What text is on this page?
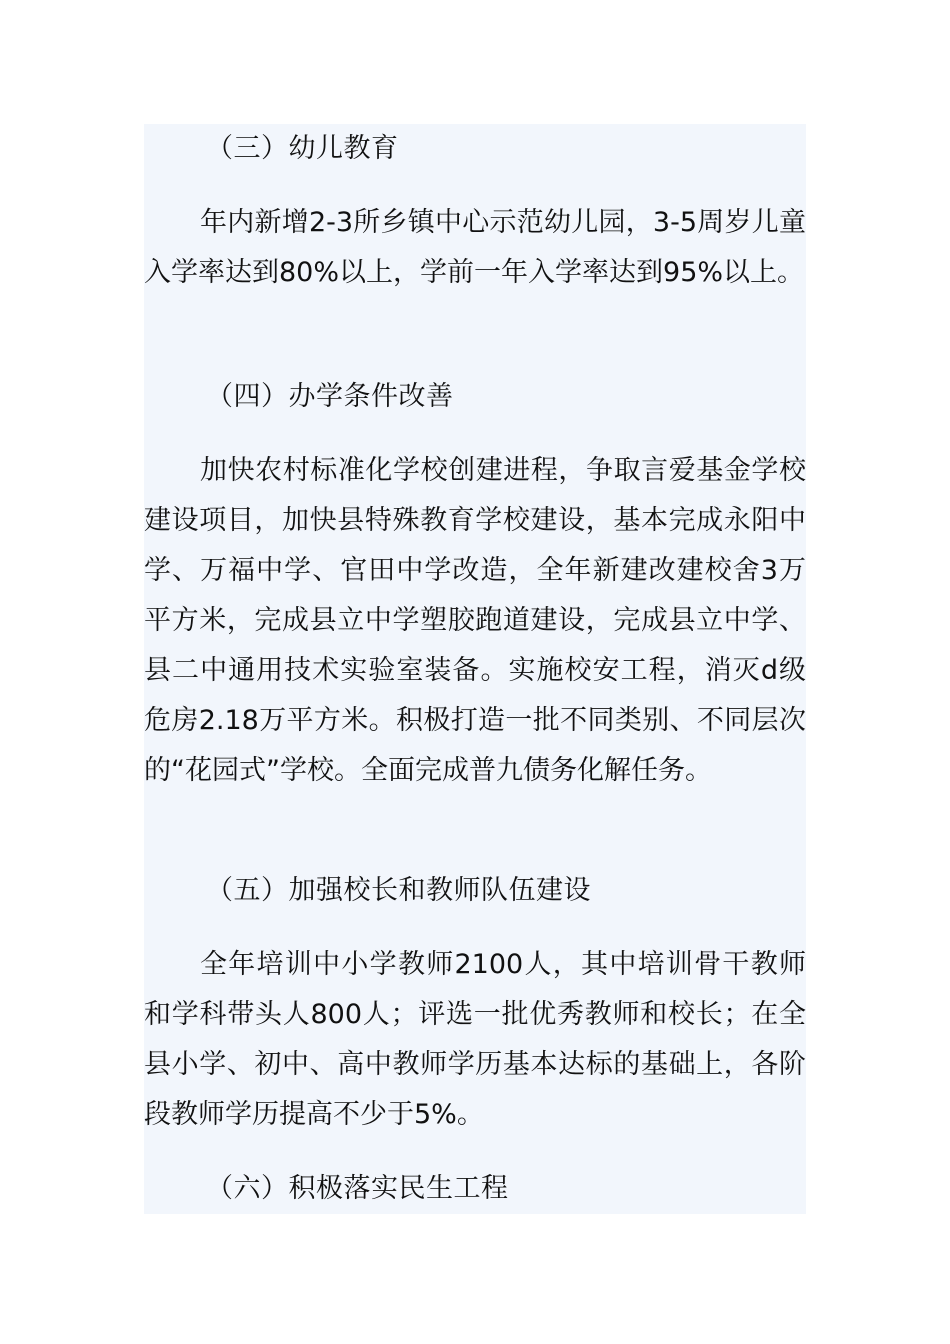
（三）幼儿教育

年内新增2-3所乡镇中心示范幼儿园，3-5周岁儿童入学率达到80%以上，学前一年入学率达到95%以上。

（四）办学条件改善

加快农村标准化学校创建进程，争取言爱基金学校建设项目，加快县特殊教育学校建设，基本完成永阳中学、万福中学、官田中学改造，全年新建改建校舍3万平方米，完成县立中学塑胶跑道建设，完成县立中学、县二中通用技术实验室装备。实施校安工程，消灭d级危房2.18万平方米。积极打造一批不同类别、不同层次的“花园式”学校。全面完成普九债务化解任务。

（五）加强校长和教师队伍建设

全年培训中小学教师2100人，其中培训骨干教师和学科带头人800人；评选一批优秀教师和校长；在全县小学、初中、高中教师学历基本达标的基础上，各阶段教师学历提高不少于5%。

（六）积极落实民生工程
